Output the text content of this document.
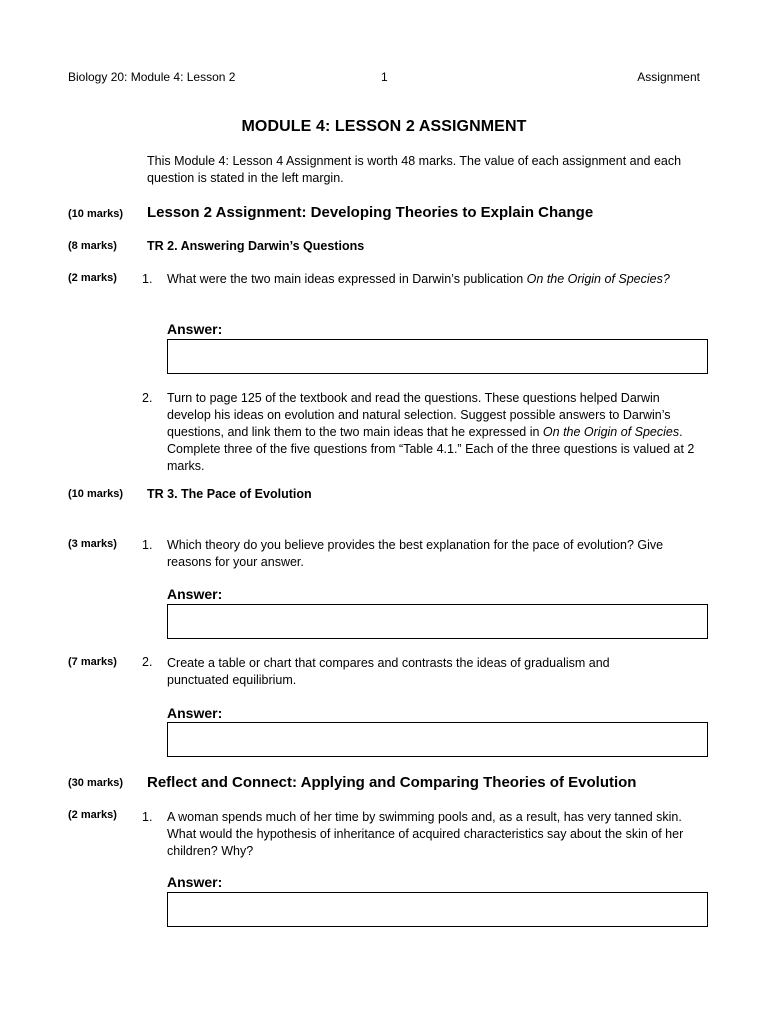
Biology 20: Module 4: Lesson 2	1	Assignment
MODULE 4: LESSON 2 ASSIGNMENT
This Module 4: Lesson 4 Assignment is worth 48 marks. The value of each assignment and each question is stated in the left margin.
(10 marks) Lesson 2 Assignment: Developing Theories to Explain Change
(8 marks) TR 2. Answering Darwin’s Questions
(2 marks) 1. What were the two main ideas expressed in Darwin’s publication On the Origin of Species?
Answer:
2. Turn to page 125 of the textbook and read the questions. These questions helped Darwin develop his ideas on evolution and natural selection. Suggest possible answers to Darwin’s questions, and link them to the two main ideas that he expressed in On the Origin of Species. Complete three of the five questions from “Table 4.1.” Each of the three questions is valued at 2 marks.
(10 marks) TR 3. The Pace of Evolution
(3 marks) 1. Which theory do you believe provides the best explanation for the pace of evolution? Give reasons for your answer.
Answer:
(7 marks) 2. Create a table or chart that compares and contrasts the ideas of gradualism and punctuated equilibrium.
Answer:
(30 marks) Reflect and Connect: Applying and Comparing Theories of Evolution
(2 marks) 1. A woman spends much of her time by swimming pools and, as a result, has very tanned skin. What would the hypothesis of inheritance of acquired characteristics say about the skin of her children? Why?
Answer:
